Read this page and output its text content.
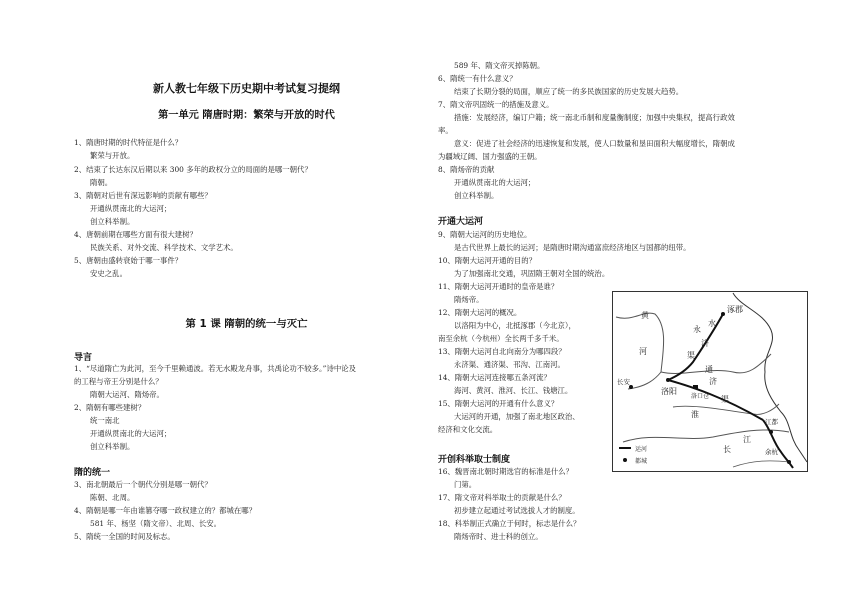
新人教七年级下历史期中考试复习提纲
第一单元 隋唐时期：繁荣与开放的时代
1、隋唐时期的时代特征是什么？
繁荣与开放。
2、结束了长达东汉后期以来 300 多年的政权分立的局面的是哪一朝代？
隋朝。
3、隋朝对后世有深远影响的贡献有哪些？
开通纵贯南北的大运河；
创立科举制。
4、唐朝前期在哪些方面有很大建树？
民族关系、对外交流、科学技术、文学艺术。
5、唐朝由盛转衰始于哪一事件？
安史之乱。
第 1 课 隋朝的统一与灭亡
导言
1、“尽道隋亡为此河，至今千里赖通波。若无水殿龙舟事，共禹论功不较多。”诗中论及
的工程与帝王分别是什么？
隋朝大运河、隋炀帝。
2、隋朝有哪些建树？
统一南北
开通纵贯南北的大运河；
创立科举制。
隋的统一
3、南北朝最后一个朝代分别是哪一朝代？
陈朝、北周。
4、隋朝是哪一年由谁篡夺哪一政权建立的？都城在哪？
581 年、杨坚（隋文帝）、北周、长安。
5、隋统一全国的时间及标志。
589 年、隋文帝灭掉陈朝。
6、隋统一有什么意义？
结束了长期分裂的局面，顺应了统一的多民族国家的历史发展大趋势。
7、隋文帝巩固统一的措施及意义。
措施：发展经济，编订户籍；统一南北币制和度量衡制度；加强中央集权，提高行政效
率。
意义：促进了社会经济的迅速恢复和发展，使人口数量和垦田面积大幅度增长，隋朝成
为疆域辽阔、国力强盛的王朝。
8、隋炀帝的贡献
开通纵贯南北的大运河；
创立科举制。
开通大运河
9、隋朝大运河的历史地位。
是古代世界上最长的运河；是隋唐时期沟通富庶经济地区与国都的纽带。
10、隋朝大运河开通的目的？
为了加强南北交通，巩固隋王朝对全国的统治。
11、隋朝大运河开通时的皇帝是谁？
隋炀帝。
12、隋朝大运河的概况。
以洛阳为中心，北抵涿郡（今北京），
南至余杭（今杭州）全长两千多千米。
13、隋朝大运河自北向南分为哪四段？
永济渠、通济渠、邗沟、江南河。
14、隋朝大运河连接哪五条河流？
海河、黄河、淮河、长江、钱塘江。
15、隋朝大运河的开通有什么意义？
大运河的开通，加强了南北地区政治、
经济和文化交流。
开创科举取士制度
16、魏晋南北朝时期选官的标准是什么？
门第。
17、隋文帝对科举取士的贡献是什么？
初步建立起通过考试选拔人才的制度。
18、科举制正式确立于何时，标志是什么？
隋炀帝时、进士科的创立。
涿郡
黄
永
济
水
渠
河
洛阳
通
渠
洛口仓
长安	济
淮
江都
江
长	余杭
运河
都城
